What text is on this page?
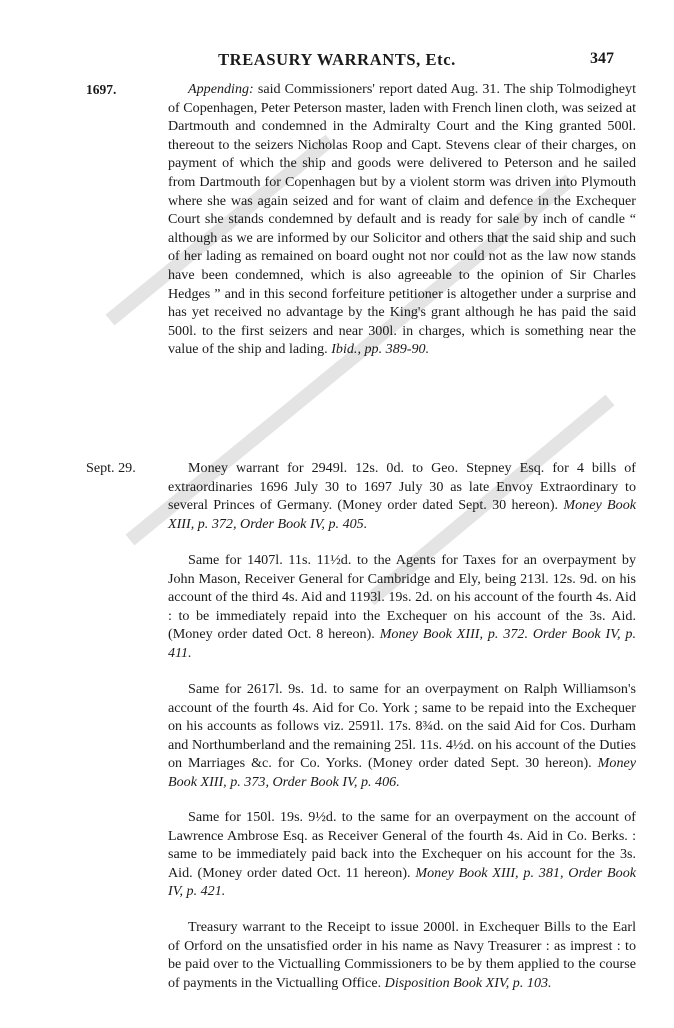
TREASURY WARRANTS, Etc.	347
1697.	Appending: said Commissioners' report dated Aug. 31. The ship Tolmodigheyt of Copenhagen, Peter Peterson master, laden with French linen cloth, was seized at Dartmouth and condemned in the Admiralty Court and the King granted 500l. thereout to the seizers Nicholas Roop and Capt. Stevens clear of their charges, on payment of which the ship and goods were delivered to Peterson and he sailed from Dartmouth for Copenhagen but by a violent storm was driven into Plymouth where she was again seized and for want of claim and defence in the Exchequer Court she stands condemned by default and is ready for sale by inch of candle “ although as we are informed by our Solicitor and others that the said ship and such of her lading as remained on board ought not nor could not as the law now stands have been condemned, which is also agreeable to the opinion of Sir Charles Hedges ” and in this second forfeiture petitioner is altogether under a surprise and has yet received no advantage by the King's grant although he has paid the said 500l. to the first seizers and near 300l. in charges, which is something near the value of the ship and lading. Ibid., pp. 389-90.

Sept. 29.	Money warrant for 2949l. 12s. 0d. to Geo. Stepney Esq. for 4 bills of extraordinaries 1696 July 30 to 1697 July 30 as late Envoy Extraordinary to several Princes of Germany. (Money order dated Sept. 30 hereon). Money Book XIII, p. 372, Order Book IV, p. 405.

Same for 1407l. 11s. 11½d. to the Agents for Taxes for an overpayment by John Mason, Receiver General for Cambridge and Ely, being 213l. 12s. 9d. on his account of the third 4s. Aid and 1193l. 19s. 2d. on his account of the fourth 4s. Aid : to be immediately repaid into the Exchequer on his account of the 3s. Aid. (Money order dated Oct. 8 hereon). Money Book XIII, p. 372. Order Book IV, p. 411.

Same for 2617l. 9s. 1d. to same for an overpayment on Ralph Williamson's account of the fourth 4s. Aid for Co. York ; same to be repaid into the Exchequer on his accounts as follows viz. 2591l. 17s. 8¾d. on the said Aid for Cos. Durham and Northumberland and the remaining 25l. 11s. 4½d. on his account of the Duties on Marriages &c. for Co. Yorks. (Money order dated Sept. 30 hereon). Money Book XIII, p. 373, Order Book IV, p. 406.

Same for 150l. 19s. 9½d. to the same for an overpayment on the account of Lawrence Ambrose Esq. as Receiver General of the fourth 4s. Aid in Co. Berks. : same to be immediately paid back into the Exchequer on his account for the 3s. Aid. (Money order dated Oct. 11 hereon). Money Book XIII, p. 381, Order Book IV, p. 421.

Treasury warrant to the Receipt to issue 2000l. in Exchequer Bills to the Earl of Orford on the unsatisfied order in his name as Navy Treasurer : as imprest : to be paid over to the Victualling Commissioners to be by them applied to the course of payments in the Victualling Office. Disposition Book XIV, p. 103.
